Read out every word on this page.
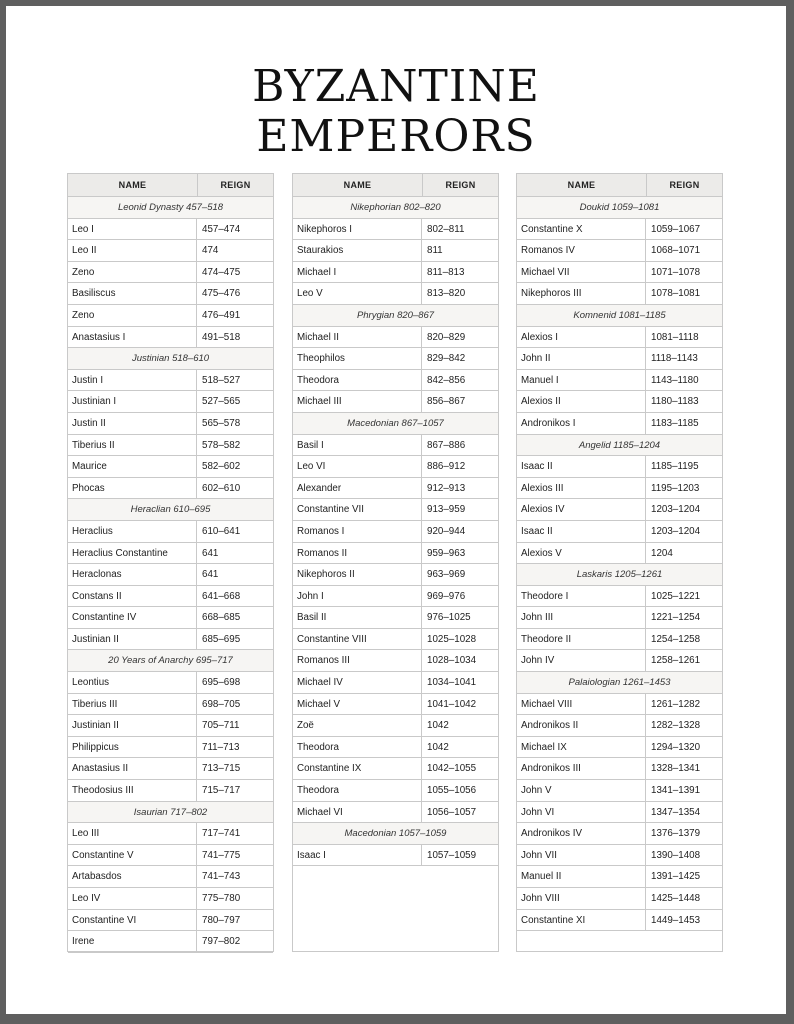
BYZANTINE
EMPERORS
NAME	REIGN
Leonid Dynasty 457–518
Leo I	457–474
Leo II	474
Zeno	474–475
Basiliscus	475–476
Zeno	476–491
Anastasius I	491–518
Justinian 518–610
Justin I	518–527
Justinian I	527–565
Justin II	565–578
Tiberius II	578–582
Maurice	582–602
Phocas	602–610
Heraclian 610–695
Heraclius	610–641
Heraclius Constantine	641
Heraclonas	641
Constans II	641–668
Constantine IV	668–685
Justinian II	685–695
20 Years of Anarchy 695–717
Leontius	695–698
Tiberius III	698–705
Justinian II	705–711
Philippicus	711–713
Anastasius II	713–715
Theodosius III	715–717
Isaurian 717–802
Leo III	717–741
Constantine V	741–775
Artabasdos	741–743
Leo IV	775–780
Constantine VI	780–797
Irene	797–802
NAME	REIGN
Nikephorian 802–820
Nikephoros I	802–811
Staurakios	811
Michael I	811–813
Leo V	813–820
Phrygian 820–867
Michael II	820–829
Theophilos	829–842
Theodora	842–856
Michael III	856–867
Macedonian 867–1057
Basil I	867–886
Leo VI	886–912
Alexander	912–913
Constantine VII	913–959
Romanos I	920–944
Romanos II	959–963
Nikephoros II	963–969
John I	969–976
Basil II	976–1025
Constantine VIII	1025–1028
Romanos III	1028–1034
Michael IV	1034–1041
Michael V	1041–1042
Zoë	1042
Theodora	1042
Constantine IX	1042–1055
Theodora	1055–1056
Michael VI	1056–1057
Macedonian 1057–1059
Isaac I	1057–1059
NAME	REIGN
Doukid 1059–1081
Constantine X	1059–1067
Romanos IV	1068–1071
Michael VII	1071–1078
Nikephoros III	1078–1081
Komnenid 1081–1185
Alexios I	1081–1118
John II	1118–1143
Manuel I	1143–1180
Alexios II	1180–1183
Andronikos I	1183–1185
Angelid 1185–1204
Isaac II	1185–1195
Alexios III	1195–1203
Alexios IV	1203–1204
Isaac II	1203–1204
Alexios V	1204
Laskaris 1205–1261
Theodore I	1025–1221
John III	1221–1254
Theodore II	1254–1258
John IV	1258–1261
Palaiologian 1261–1453
Michael VIII	1261–1282
Andronikos II	1282–1328
Michael IX	1294–1320
Andronikos III	1328–1341
John V	1341–1391
John VI	1347–1354
Andronikos IV	1376–1379
John VII	1390–1408
Manuel II	1391–1425
John VIII	1425–1448
Constantine XI	1449–1453
